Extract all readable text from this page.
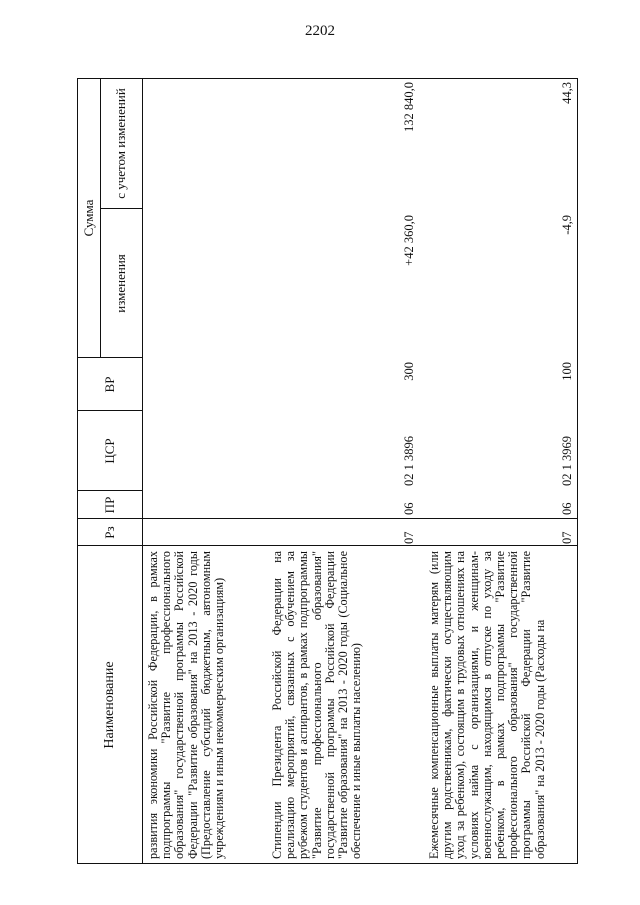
2202
Наименование
Рз
ПР
ЦСР
ВР
Сумма
изменения
с учетом изменений
развития экономики Российской Федерации, в рамках подпрограммы "Развитие профессионального образования" государственной программы Российской Федерации "Развитие образования" на 2013 - 2020 годы (Предоставление субсидий бюджетным, автономным учреждениям и иным некоммерческим организациям)	Стипендии Президента Российской Федерации на реализацию мероприятий, связанных с обучением за рубежом студентов и аспирантов, в рамках подпрограммы "Развитие профессионального образования" государственной программы Российской Федерации "Развитие образования" на 2013 - 2020 годы (Социальное обеспечение и иные выплаты населению)
07
06
02 1 3896
300
+42 360,0
132 840,0
Ежемесячные компенсационные выплаты матерям (или другим родственникам, фактически осуществляющим уход за ребенком), состоящим в трудовых отношениях на условиях найма с организациями, и женщинам-военнослужащим, находящимся в отпуске по уходу за ребенком, в рамках подпрограммы "Развитие профессионального образования" государственной программы Российской Федерации "Развитие образования" на 2013 - 2020 годы (Расходы на
07
06
02 1 3969
100
-4,9
44,3
